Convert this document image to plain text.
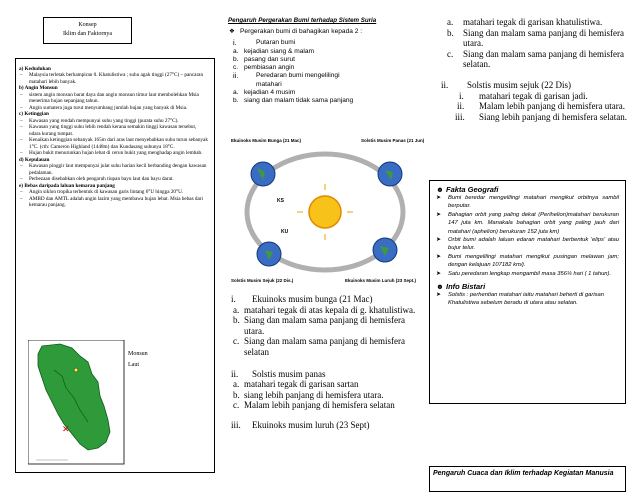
Konsep
Iklim dan Faktornya

a) Kedudukan

– Malaysia terletak berhampiran 0. Khatulistiwa ; suhu agak tinggi (27°C) – pancaran matahari lebih banyak.

b) Angin Monsun

– sistem angin monsun barat daya dan angin monsun timur laut membolehkan Msia menerima hujan sepanjang tahun.
– Angin sumatera juga turut menyumbang jumlah hujan yang banyak di Msia.

c) Ketinggian

– Kawasan yang rendah mempunyai suhu yang tinggi (purata suhu 27°C).
– Kawasan yang tinggi suhu lebih rendah kerana semakin tinggi kawasan tersebut, udara kurang tumpat.
– Kenaikan ketinggian sebanyak 165m dari aras laut menyebabkan suhu turun sebanyak 1°C. (cth: Cameron Highland (1448m) dan Kundasang suhunya 18°C.
– Hujan bukit menurunkan hujan lebat di cerun bukit yang menghadap angin lembab.

d) Kepulauan

– Kawasan pinggir laut mempunyai julat suhu harian kecil berbanding dengan kawasan pedalaman.
– Perbezaan disebabkan oleh pengaruh tiupan bayu laut dan bayu darat.

e) Bebas daripada laluan kemarau panjang

– Angin siklon tropika terbentuk di kawasan garis lintang 6°U hingga 20°U.
– AMBD dan AMTL adalah angin lazim yang membawa hujan lebat. Msia bebas dari kemarau panjang.
✕
Monsun
Laut
Pengaruh Pergerakan Bumi terhadap Sistem Suria
❖ Pergerakan bumi di bahagikan kepada 2 :
i.	Putaran bumi
a. kejadian siang & malam
b. pasang dan surut
c. pembiasan angin
ii.	Peredaran bumi mengelilingi matahari
a. kejadian 4 musim
b. siang dan malam tidak sama panjang
KS
KU
Ekuinoks Musim Bunga (21 Mac)	Solstis Musim Panas (21 Jun)
Ekuinoks Musim Luruh (23 Sept.)
Solstis Musim Sejuk (22 Dis.)
i. Ekuinoks musim bunga (21 Mac)
a. matahari tegak di atas kepala di g. khatulistiwa.
b. Siang dan malam sama panjang di hemisfera utara.
c. Siang dan malam sama panjang di hemisfera selatan
ii. Solstis musim panas
a. matahari tegak di garisan sartan
b. siang lebih panjang di hemisfera utara.
c. Malam lebih panjang di hemisfera selatan
iii. Ekuinoks musim luruh (23 Sept)
a. matahari tegak di garisan khatulistiwa.
b. Siang dan malam sama panjang di hemisfera utara.
c. Siang dan malam sama panjang di hemisfera selatan.
ii. Solstis musim sejuk (22 Dis)
i. matahari tegak di garisan jadi.
ii. Malam lebih panjang di hemisfera utara.
iii. Siang lebih panjang di hemisfera selatan.
☻ Fakta Geografi
➤ Bumi beredar mengelilingi matahari mengikut orbitnya sambil berputar.
➤ Bahagian orbit yang paling dekat (Perihelion)matahari berukuran 147 juta km. Manakala bahagian orbit yang paling jauh dari matahari (aphelion) berukuran 152 juta km)
➤ Orbit bumi adalah laluan edaran matahari berbentuk 'elips' atau bujur telur.
➤ Bumi mengelilingi matahari mengikut pusingan melawan jam; dengan kelajuan 107182 km/j.
➤ Satu peredaran lengkap mengambil masa 356¼ hari ( 1 tahun).
☻ Info Bistari
➤ Solstis : perhentian matahari iaitu matahari beherti di garisan Khatulistiwa sebelum beradu di utara atau selatan.
Pengaruh Cuaca dan Iklim terhadap Kegiatan Manusia
